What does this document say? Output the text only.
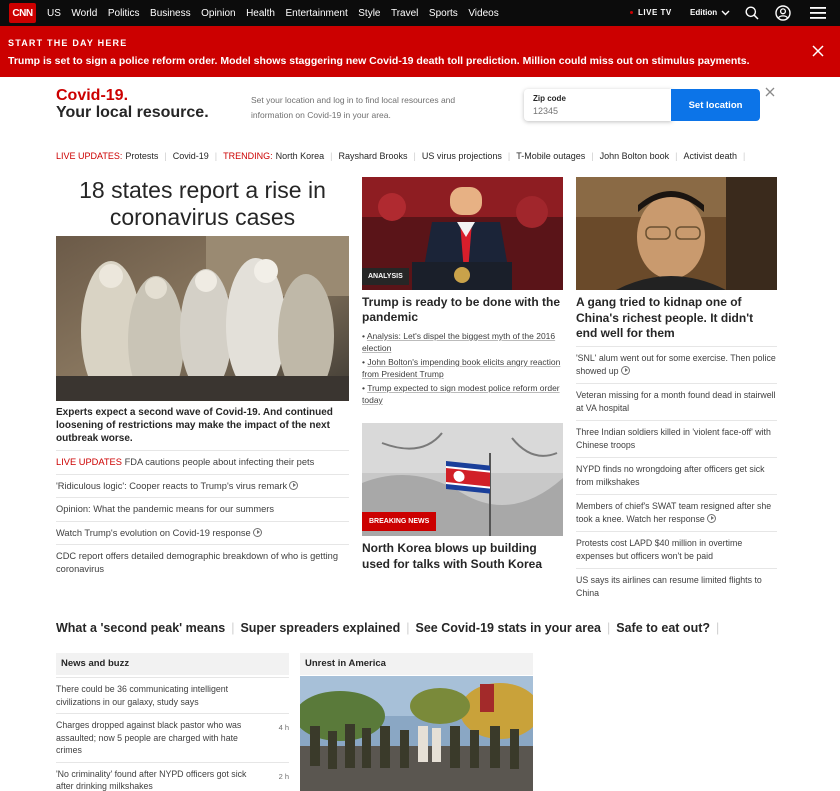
CNN	US World Politics Business Opinion Health Entertainment Style Travel Sports Videos	LIVE TV Edition
START THE DAY HERE
Trump is set to sign a police reform order. Model shows staggering new Covid-19 death toll prediction. Million could miss out on stimulus payments.
Covid-19.
Your local resource.
Set your location and log in to find local resources and information on Covid-19 in your area.
Zip code
12345
Set location
LIVE UPDATES: Protests | Covid-19 | TRENDING: North Korea | Rayshard Brooks | US virus projections | T-Mobile outages | John Bolton book | Activist death |
18 states report a rise in coronavirus cases
Experts expect a second wave of Covid-19. And continued loosening of restrictions may make the impact of the next outbreak worse.
LIVE UPDATES FDA cautions people about infecting their pets
'Ridiculous logic': Cooper reacts to Trump's virus remark
Opinion: What the pandemic means for our summers
Watch Trump's evolution on Covid-19 response
CDC report offers detailed demographic breakdown of who is getting coronavirus
ANALYSIS
Trump is ready to be done with the pandemic
• Analysis: Let's dispel the biggest myth of the 2016 election
• John Bolton's impending book elicits angry reaction from President Trump
• Trump expected to sign modest police reform order today
BREAKING NEWS
North Korea blows up building used for talks with South Korea
A gang tried to kidnap one of China's richest people. It didn't end well for them
'SNL' alum went out for some exercise. Then police showed up
Veteran missing for a month found dead in stairwell at VA hospital
Three Indian soldiers killed in 'violent face-off' with Chinese troops
NYPD finds no wrongdoing after officers get sick from milkshakes
Members of chief's SWAT team resigned after she took a knee. Watch her response
Protests cost LAPD $40 million in overtime expenses but officers won't be paid
US says its airlines can resume limited flights to China
What a 'second peak' means | Super spreaders explained | See Covid-19 stats in your area | Safe to eat out? |
News and buzz
There could be 36 communicating intelligent civilizations in our galaxy, study says
Charges dropped against black pastor who was assaulted; now 5 people are charged with hate crimes
4 h
'No criminality' found after NYPD officers got sick after drinking milkshakes
2 h
Unrest in America
